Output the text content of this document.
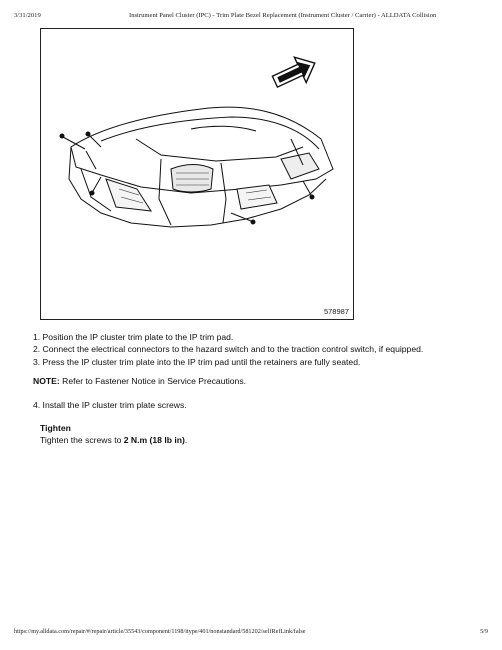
3/31/2019	Instrument Panel Cluster (IPC) - Trim Plate Bezel Replacement (Instrument Cluster / Carrier) - ALLDATA Collision
578987

1. Position the IP cluster trim plate to the IP trim pad.

2. Connect the electrical connectors to the hazard switch and to the traction control switch, if equipped.

3. Press the IP cluster trim plate into the IP trim pad until the retainers are fully seated.

NOTE: Refer to Fastener Notice in Service Precautions.

4. Install the IP cluster trim plate screws.

Tighten
Tighten the screws to 2 N.m (18 lb in).
https://my.alldata.com/repair/#/repair/article/35543/component/1198/itype/401/nonstandard/581202/selfRefLink/false	5/9
